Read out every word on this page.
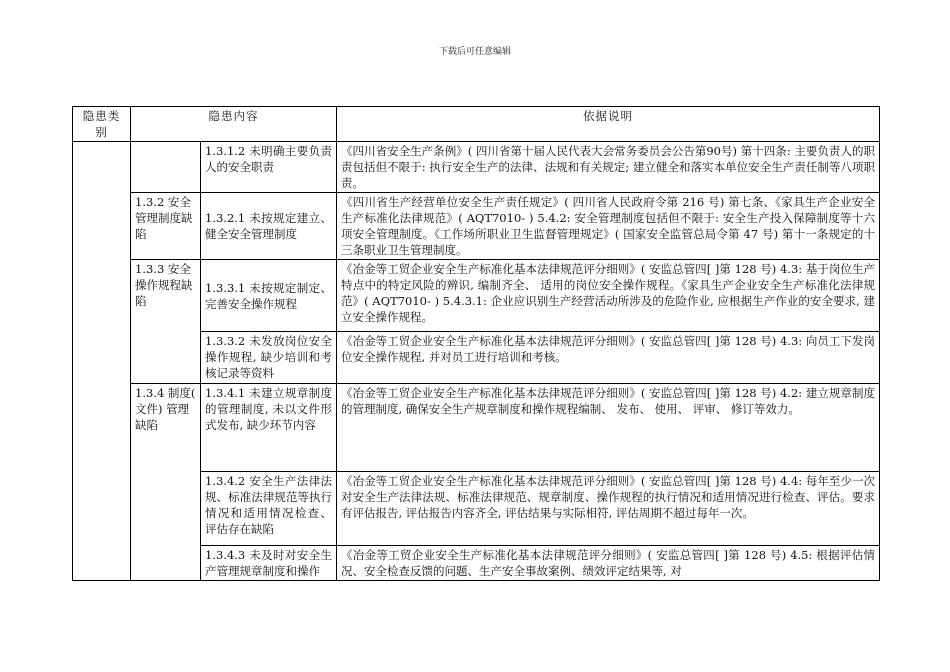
下载后可任意编辑
隐患类别	隐患内容		依据说明
		1.3.1.2 未明确主要负责人的安全职责	《四川省安全生产条例》( 四川省第十届人民代表大会常务委员会公告第90号) 第十四条: 主要负责人的职责包括但不限于: 执行安全生产的法律、法规和有关规定; 建立健全和落实本单位安全生产责任制等八项职责。
	1.3.2 安全管理制度缺陷	1.3.2.1 未按规定建立、健全安全管理制度	《四川省生产经营单位安全生产责任规定》( 四川省人民政府令第 216 号) 第七条、《家具生产企业安全生产标准化法律规范》( AQT7010- ) 5.4.2: 安全管理制度包括但不限于: 安全生产投入保障制度等十六项安全管理制度。《工作场所职业卫生监督管理规定》( 国家安全监管总局令第 47 号) 第十一条规定的十三条职业卫生管理制度。
	1.3.3 安全操作规程缺陷	1.3.3.1 未按规定制定、完善安全操作规程	《冶金等工贸企业安全生产标准化基本法律规范评分细则》( 安监总管四[ ]第 128 号) 4.3: 基于岗位生产特点中的特定风险的辨识, 编制齐全、 适用的岗位安全操作规程。《家具生产企业安全生产标准化法律规范》( AQT7010- ) 5.4.3.1: 企业应识别生产经营活动所涉及的危险作业, 应根据生产作业的安全要求, 建立安全操作规程。
		1.3.3.2 未发放岗位安全操作规程, 缺少培训和考核记录等资料	《冶金等工贸企业安全生产标准化基本法律规范评分细则》( 安监总管四[ ]第 128 号) 4.3: 向员工下发岗位安全操作规程, 并对员工进行培训和考核。
	1.3.4 制度( 文件) 管理缺陷	1.3.4.1 未建立规章制度的管理制度, 未以文件形式发布, 缺少环节内容	《冶金等工贸企业安全生产标准化基本法律规范评分细则》( 安监总管四[ ]第 128 号) 4.2: 建立规章制度的管理制度, 确保安全生产规章制度和操作规程编制、 发布、 使用、 评审、 修订等效力。
		1.3.4.2 安全生产法律法规、标准法律规范等执行情况和适用情况检查、 评估存在缺陷	《冶金等工贸企业安全生产标准化基本法律规范评分细则》( 安监总管四[ ]第 128 号) 4.4: 每年至少一次对安全生产法律法规、标准法律规范、规章制度、操作规程的执行情况和适用情况进行检查、评估。要求有评估报告, 评估报告内容齐全, 评估结果与实际相符, 评估周期不超过每年一次。
		1.3.4.3 未及时对安全生产管理规章制度和操作	《冶金等工贸企业安全生产标准化基本法律规范评分细则》( 安监总管四[ ]第 128 号) 4.5: 根据评估情况、安全检查反馈的问题、生产安全事故案例、绩效评定结果等, 对
